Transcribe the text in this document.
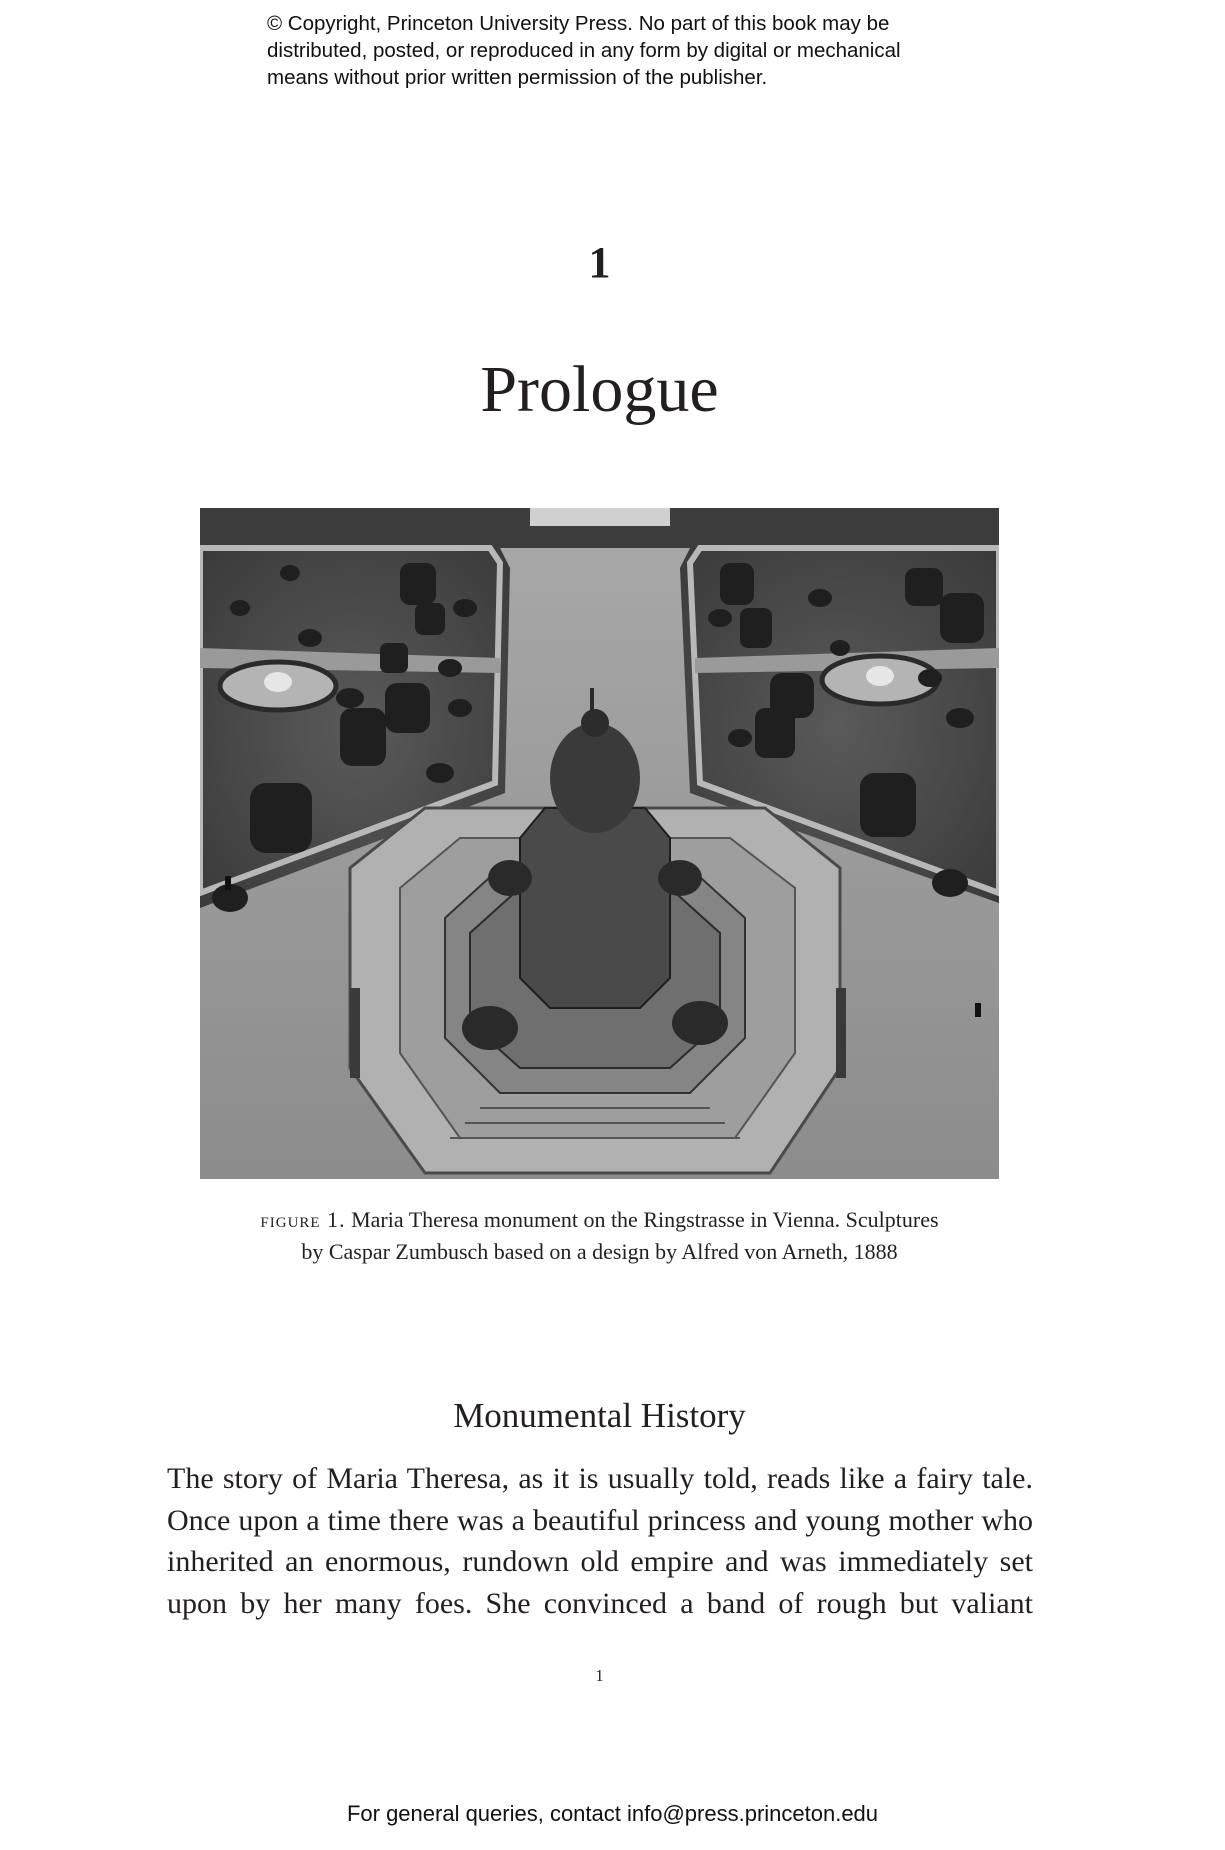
© Copyright, Princeton University Press. No part of this book may be
distributed, posted, or reproduced in any form by digital or mechanical
means without prior written permission of the publisher.
1
Prologue
figure 1. Maria Theresa monument on the Ringstrasse in Vienna. Sculptures
by Caspar Zumbusch based on a design by Alfred von Arneth, 1888
Monumental History
The story of Maria Theresa, as it is usually told, reads like a fairy tale.
Once upon a time there was a beautiful princess and young mother who
inherited an enormous, rundown old empire and was immediately set
upon by her many foes. She convinced a band of rough but valiant
1
For general queries, contact info@press.princeton.edu
